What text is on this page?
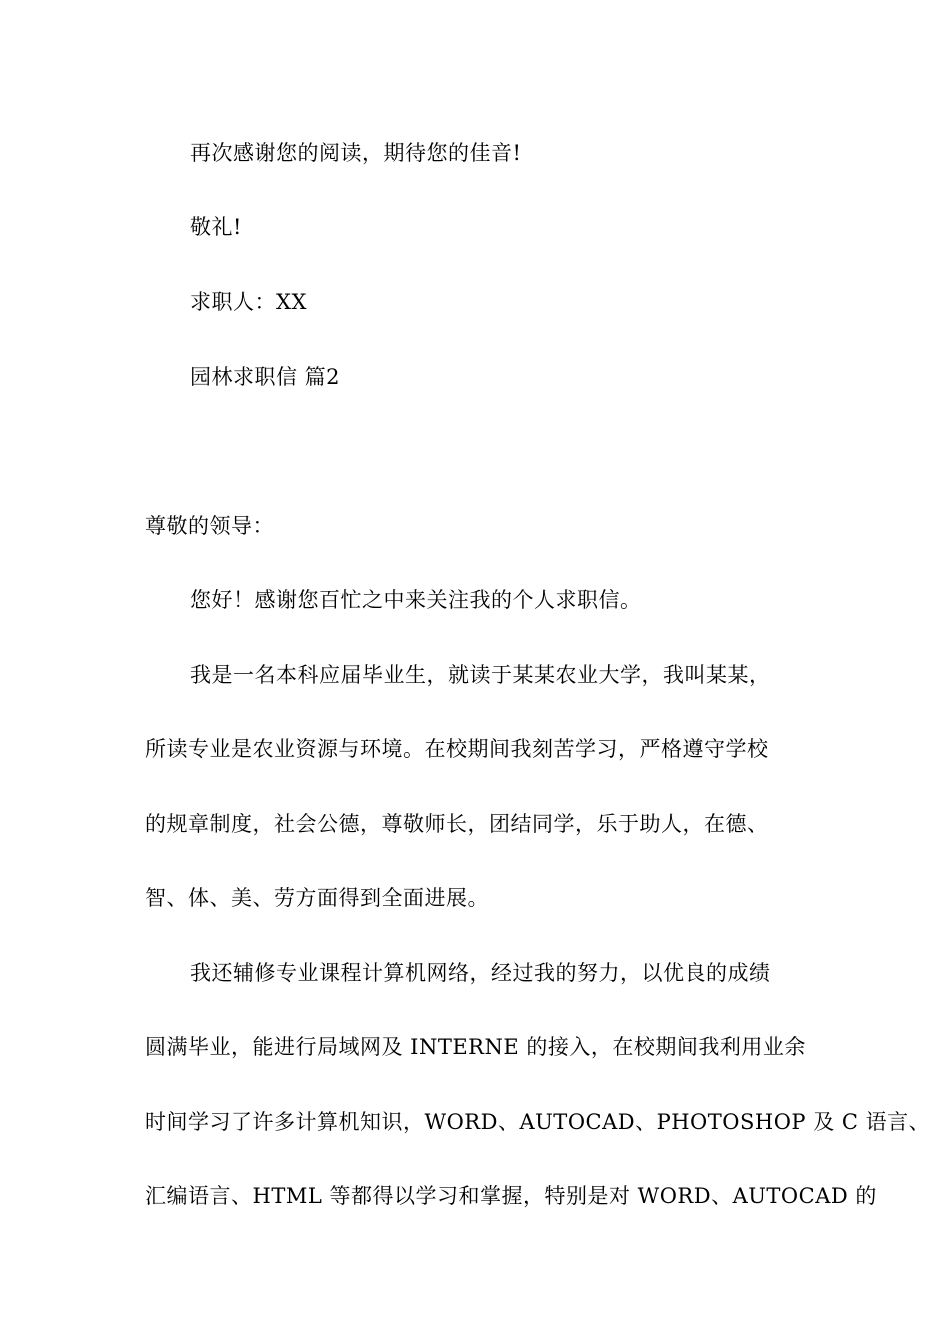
再次感谢您的阅读，期待您的佳音!
敬礼!
求职人：XX
园林求职信 篇2
尊敬的领导：
您好！感谢您百忙之中来关注我的个人求职信。
我是一名本科应届毕业生，就读于某某农业大学，我叫某某，
所读专业是农业资源与环境。在校期间我刻苦学习，严格遵守学校
的规章制度，社会公德，尊敬师长，团结同学，乐于助人，在德、
智、体、美、劳方面得到全面进展。
我还辅修专业课程计算机网络，经过我的努力，以优良的成绩
圆满毕业，能进行局域网及 INTERNE 的接入，在校期间我利用业余
时间学习了许多计算机知识，WORD、AUTOCAD、PHOTOSHOP 及 C 语言、
汇编语言、HTML 等都得以学习和掌握，特别是对 WORD、AUTOCAD 的
